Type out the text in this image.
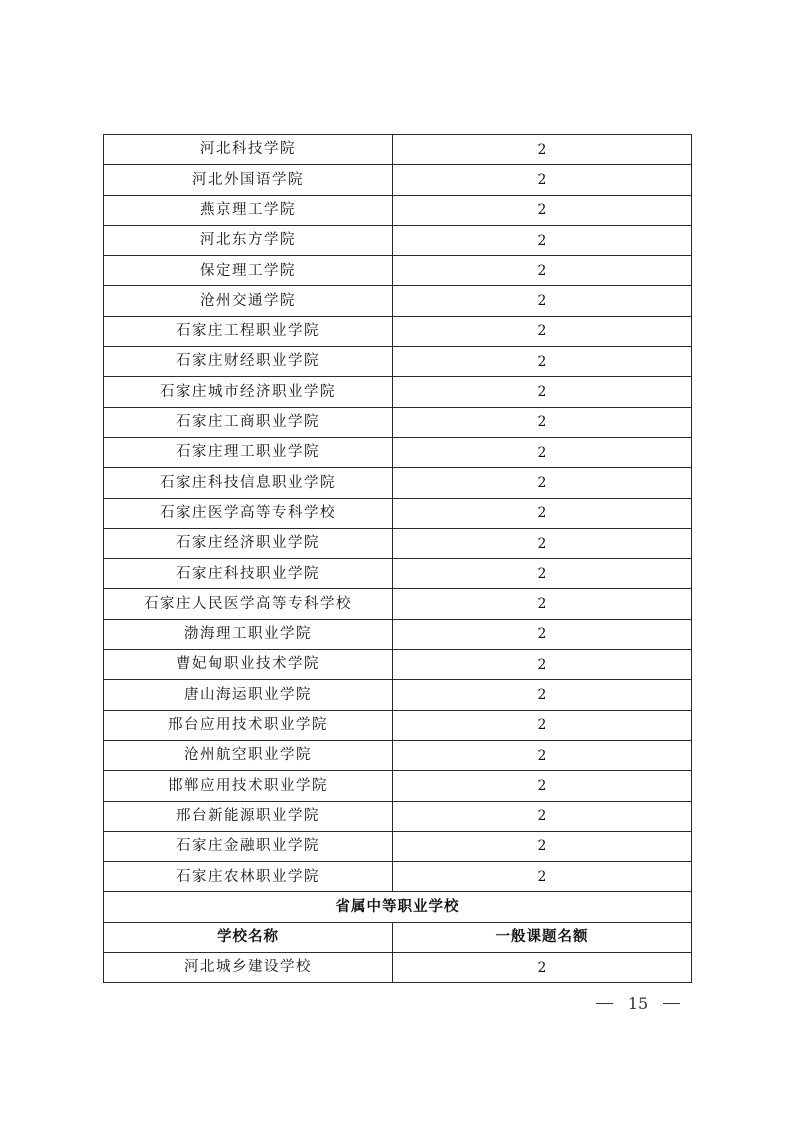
河北科技学院	2
河北外国语学院	2
燕京理工学院	2
河北东方学院	2
保定理工学院	2
沧州交通学院	2
石家庄工程职业学院	2
石家庄财经职业学院	2
石家庄城市经济职业学院	2
石家庄工商职业学院	2
石家庄理工职业学院	2
石家庄科技信息职业学院	2
石家庄医学高等专科学校	2
石家庄经济职业学院	2
石家庄科技职业学院	2
石家庄人民医学高等专科学校	2
渤海理工职业学院	2
曹妃甸职业技术学院	2
唐山海运职业学院	2
邢台应用技术职业学院	2
沧州航空职业学院	2
邯郸应用技术职业学院	2
邢台新能源职业学院	2
石家庄金融职业学院	2
石家庄农林职业学院	2
省属中等职业学校	
学校名称	一般课题名额
河北城乡建设学校	2
15
